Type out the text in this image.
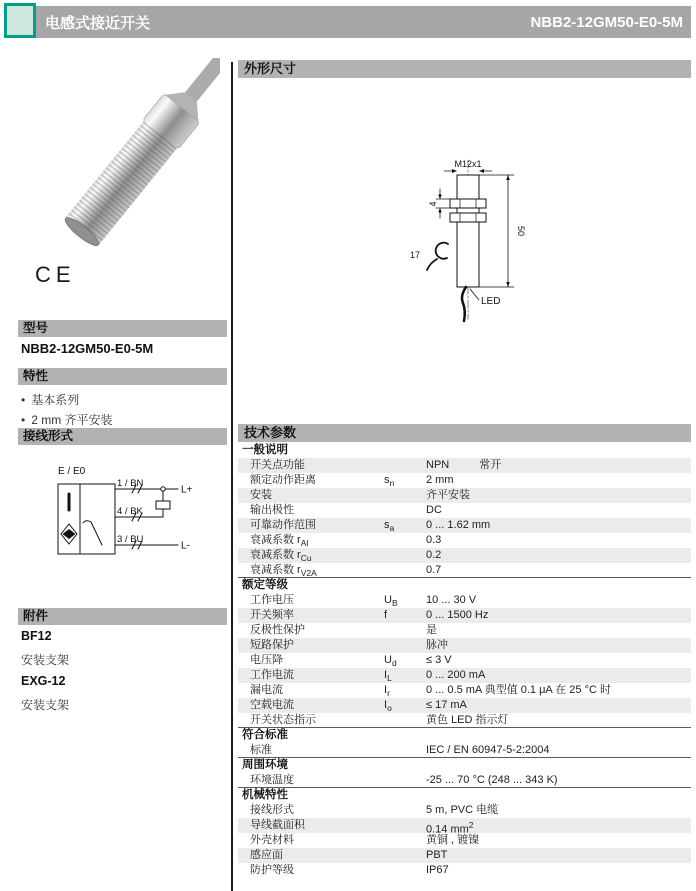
电感式接近开关	NBB2-12GM50-E0-5M
CE
型号
NBB2-12GM50-E0-5M
特性
• 基本系列
• 2 mm 齐平安装
接线形式
E / E0
L+
1 / BN
4 / BK
3 / BU
L-
附件
BF12
安装支架
EXG-12
安装支架
外形尺寸
M12x1
4
50
17
LED
技术参数
一般说明
开关点功能	NPN	常开
额定动作距离	$s_n$	2 mm
安装	齐平安装
输出极性	DC
可靠动作范围	$s_a$	0 ... 1.62 mm
衰减系数 $r_{Al}$	0.3
衰减系数 $r_{Cu}$	0.2
衰减系数 $r_{V2A}$	0.7
额定等级
工作电压	$U_B$	10 ... 30 V
开关频率	f	0 ... 1500 Hz
反极性保护	是
短路保护	脉冲
电压降	$U_d$	≤ 3 V
工作电流	$I_L$	0 ... 200 mA
漏电流	$I_r$	0 ... 0.5 mA 典型值 0.1 μA 在 25 °C 时
空载电流	$I_o$	≤ 17 mA
开关状态指示	黄色 LED 指示灯
符合标准
标准	IEC / EN 60947-5-2:2004
周围环境
环境温度	-25 ... 70 °C (248 ... 343 K)
机械特性
接线形式	5 m, PVC 电缆
导线截面积	0.14 $mm^2$
外壳材料	黄铜 , 镀镍
感应面	PBT
防护等级	IP67
